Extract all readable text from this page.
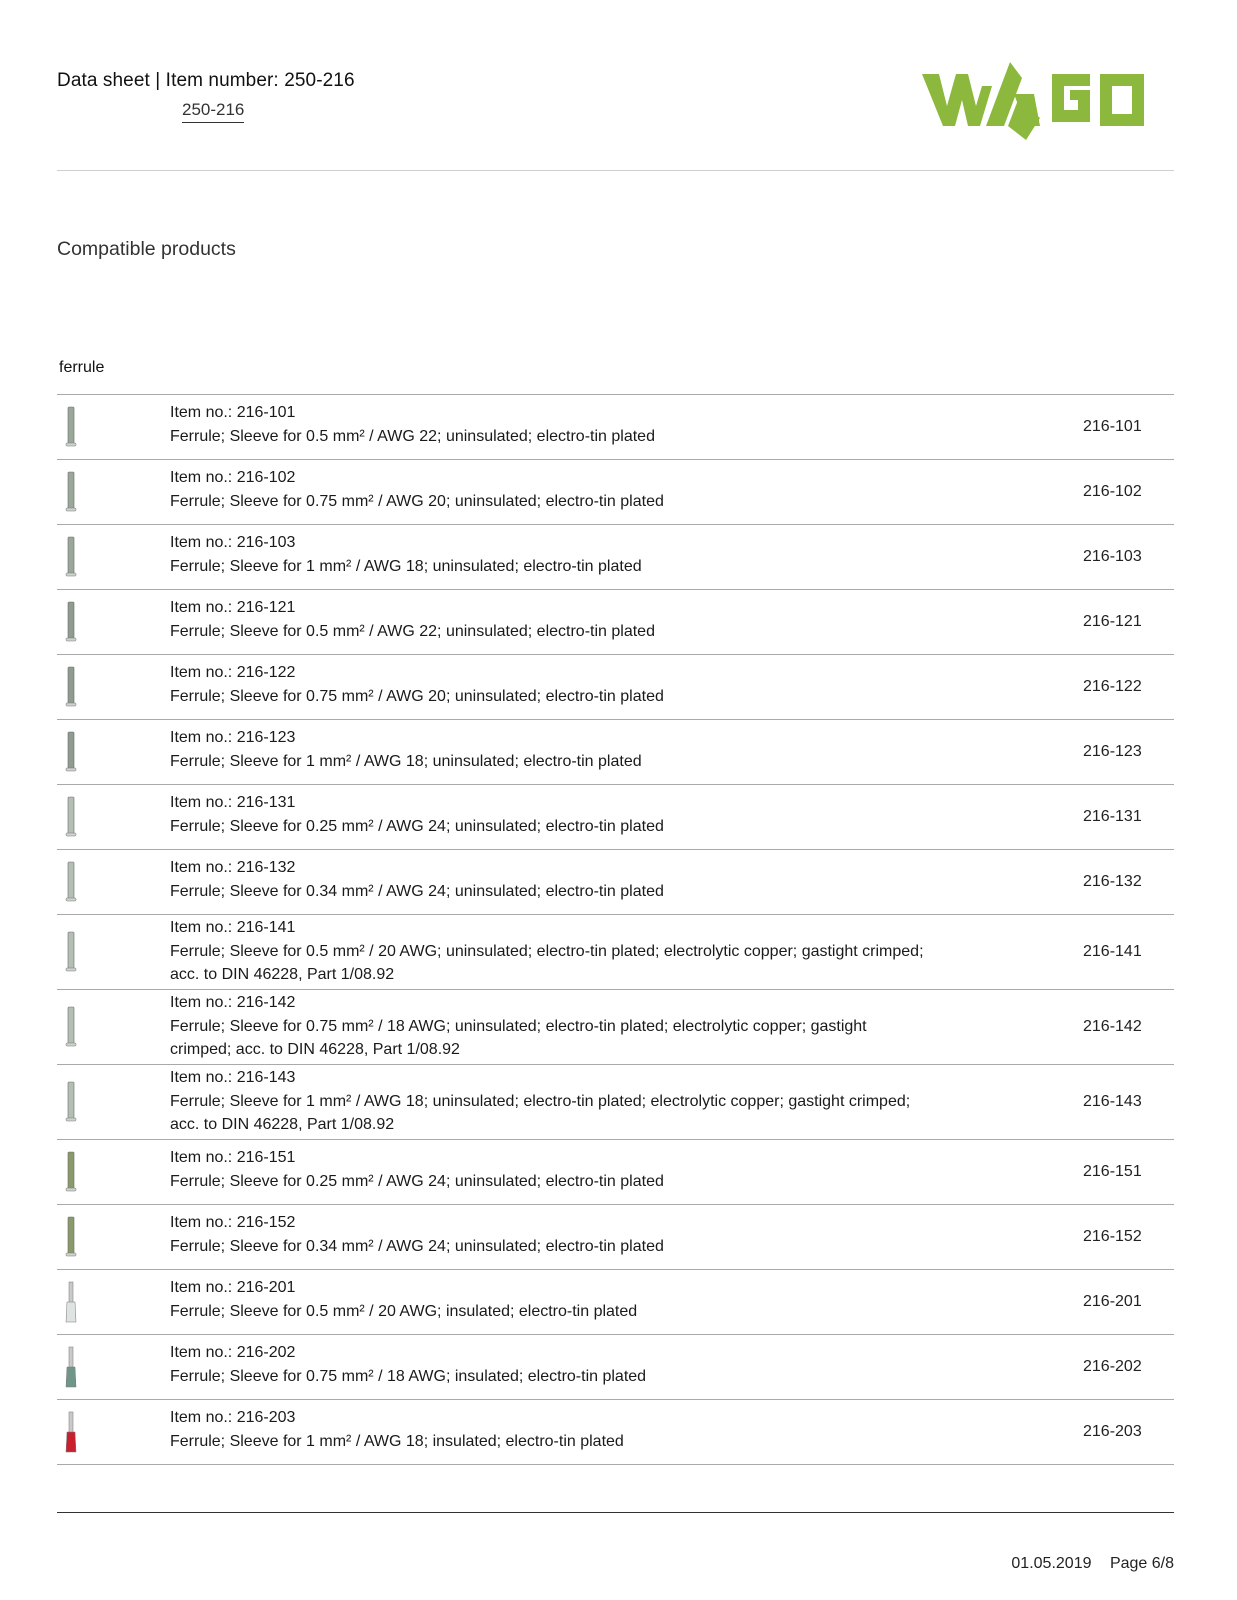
Data sheet | Item number: 250-216
250-216
Compatible products
ferrule
Item no.: 216-101
Ferrule; Sleeve for 0.5 mm² / AWG 22; uninsulated; electro-tin plated
216-101
Item no.: 216-102
Ferrule; Sleeve for 0.75 mm² / AWG 20; uninsulated; electro-tin plated
216-102
Item no.: 216-103
Ferrule; Sleeve for 1 mm² / AWG 18; uninsulated; electro-tin plated
216-103
Item no.: 216-121
Ferrule; Sleeve for 0.5 mm² / AWG 22; uninsulated; electro-tin plated
216-121
Item no.: 216-122
Ferrule; Sleeve for 0.75 mm² / AWG 20; uninsulated; electro-tin plated
216-122
Item no.: 216-123
Ferrule; Sleeve for 1 mm² / AWG 18; uninsulated; electro-tin plated
216-123
Item no.: 216-131
Ferrule; Sleeve for 0.25 mm² / AWG 24; uninsulated; electro-tin plated
216-131
Item no.: 216-132
Ferrule; Sleeve for 0.34 mm² / AWG 24; uninsulated; electro-tin plated
216-132
Item no.: 216-141
Ferrule; Sleeve for 0.5 mm² / 20 AWG; uninsulated; electro-tin plated; electrolytic copper; gastight crimped; acc. to DIN 46228, Part 1/08.92
216-141
Item no.: 216-142
Ferrule; Sleeve for 0.75 mm² / 18 AWG; uninsulated; electro-tin plated; electrolytic copper; gastight crimped; acc. to DIN 46228, Part 1/08.92
216-142
Item no.: 216-143
Ferrule; Sleeve for 1 mm² / AWG 18; uninsulated; electro-tin plated; electrolytic copper; gastight crimped; acc. to DIN 46228, Part 1/08.92
216-143
Item no.: 216-151
Ferrule; Sleeve for 0.25 mm² / AWG 24; uninsulated; electro-tin plated
216-151
Item no.: 216-152
Ferrule; Sleeve for 0.34 mm² / AWG 24; uninsulated; electro-tin plated
216-152
Item no.: 216-201
Ferrule; Sleeve for 0.5 mm² / 20 AWG; insulated; electro-tin plated
216-201
Item no.: 216-202
Ferrule; Sleeve for 0.75 mm² / 18 AWG; insulated; electro-tin plated
216-202
Item no.: 216-203
Ferrule; Sleeve for 1 mm² / AWG 18; insulated; electro-tin plated
216-203
01.05.2019 Page 6/8
